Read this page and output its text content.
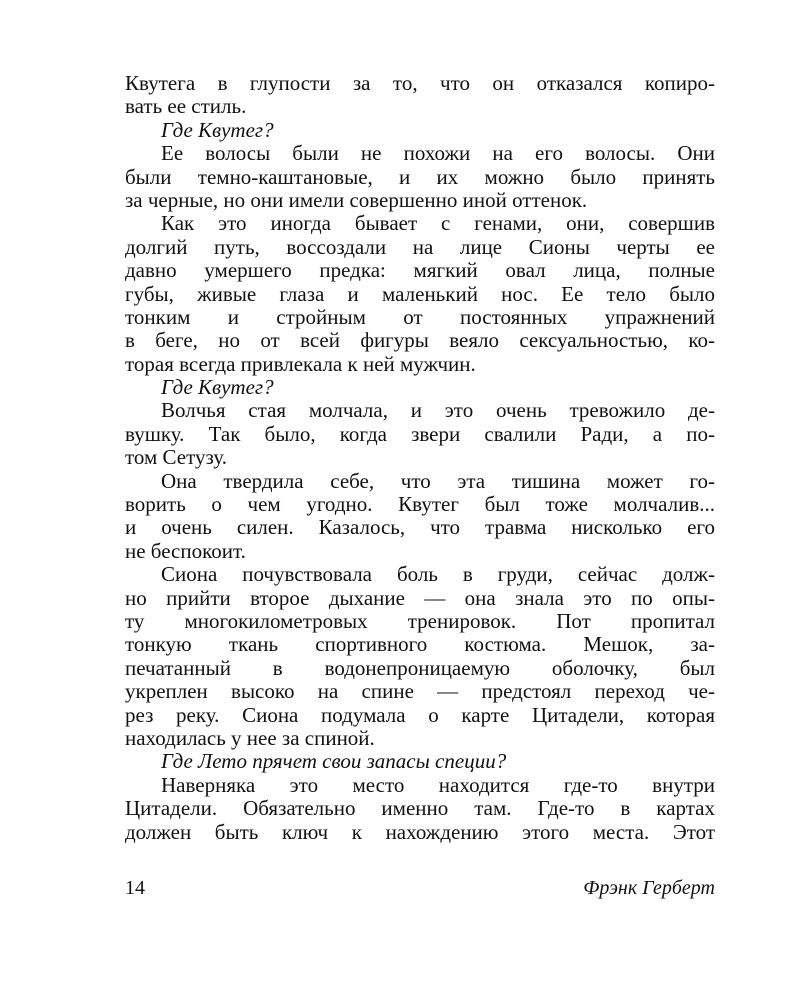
Квутега в глупости за то, что он отказался копиро-
вать ее стиль.
Где Квутег?
Ее волосы были не похожи на его волосы. Они
были темно-каштановые, и их можно было принять
за черные, но они имели совершенно иной оттенок.
Как это иногда бывает с генами, они, совершив
долгий путь, воссоздали на лице Сионы черты ее
давно умершего предка: мягкий овал лица, полные
губы, живые глаза и маленький нос. Ее тело было
тонким и стройным от постоянных упражнений
в беге, но от всей фигуры веяло сексуальностью, ко-
торая всегда привлекала к ней мужчин.
Где Квутег?
Волчья стая молчала, и это очень тревожило де-
вушку. Так было, когда звери свалили Ради, а по-
том Сетузу.
Она твердила себе, что эта тишина может го-
ворить о чем угодно. Квутег был тоже молчалив...
и очень силен. Казалось, что травма нисколько его
не беспокоит.
Сиона почувствовала боль в груди, сейчас долж-
но прийти второе дыхание — она знала это по опы-
ту многокилометровых тренировок. Пот пропитал
тонкую ткань спортивного костюма. Мешок, за-
печатанный в водонепроницаемую оболочку, был
укреплен высоко на спине — предстоял переход че-
рез реку. Сиона подумала о карте Цитадели, которая
находилась у нее за спиной.
Где Лето прячет свои запасы специи?
Наверняка это место находится где-то внутри
Цитадели. Обязательно именно там. Где-то в картах
должен быть ключ к нахождению этого места. Этот
14	Фрэнк Герберт
